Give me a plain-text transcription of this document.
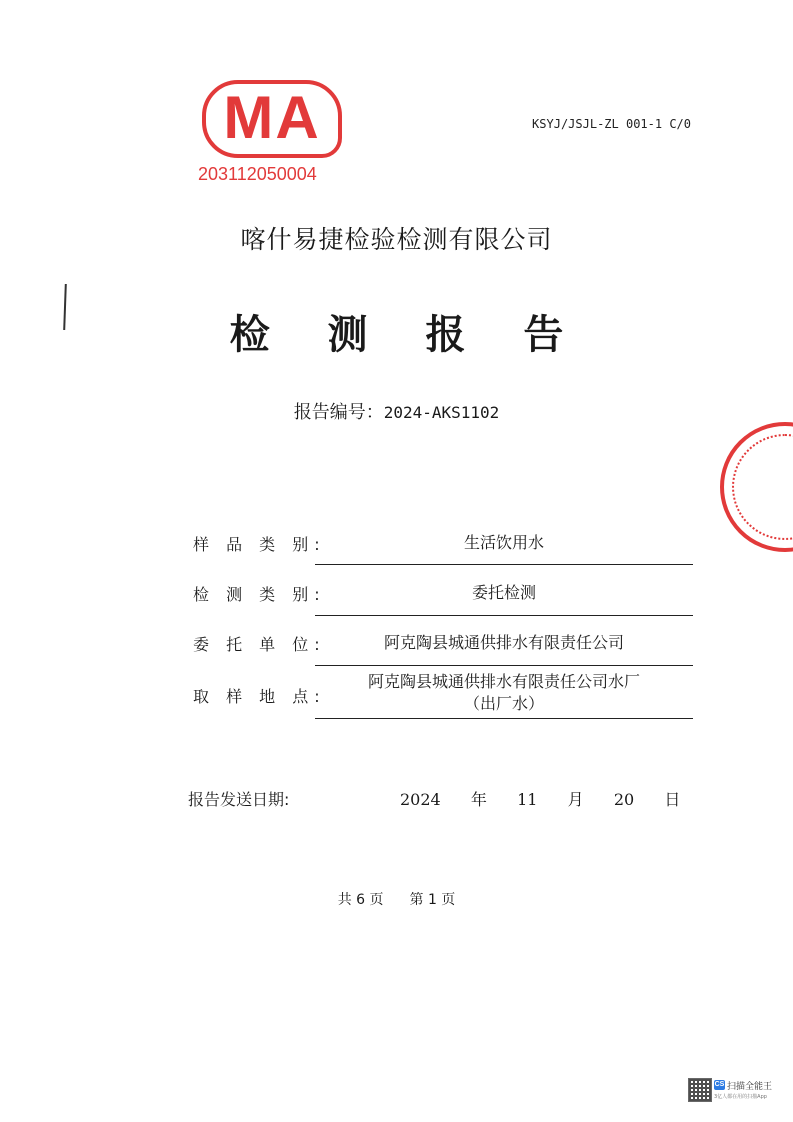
MA
203112050004
KSYJ/JSJL-ZL 001-1 C/0
喀什易捷检验检测有限公司
检 测 报 告
报告编号：2024-AKS1102
样 品 类 别:	生活饮用水
检 测 类 别:	委托检测
委 托 单 位:	阿克陶县城通供排水有限责任公司
取 样 地 点:
阿克陶县城通供排水有限责任公司水厂
（出厂水）
报告发送日期:	2024 年 11 月 20 日
共 6 页 第 1 页
CS 扫描全能王
3亿人都在用的扫描App
